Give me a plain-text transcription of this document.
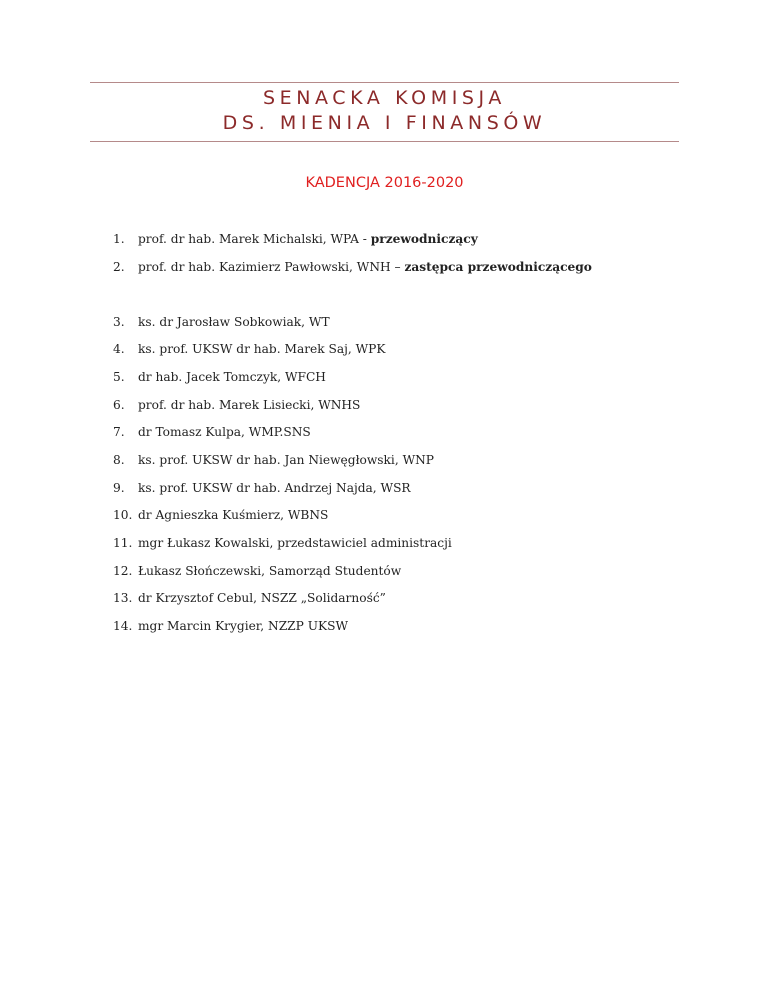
SENACKA KOMISJA
DS. MIENIA I FINANSÓW
KADENCJA 2016-2020
1. prof. dr hab. Marek Michalski, WPA - przewodniczący
2. prof. dr hab. Kazimierz Pawłowski, WNH – zastępca przewodniczącego
3. ks. dr Jarosław Sobkowiak, WT
4. ks. prof. UKSW dr hab. Marek Saj, WPK
5. dr hab. Jacek Tomczyk, WFCH
6. prof. dr hab. Marek Lisiecki, WNHS
7. dr Tomasz Kulpa, WMP.SNS
8. ks. prof. UKSW dr hab. Jan Niewęgłowski, WNP
9. ks. prof. UKSW dr hab. Andrzej Najda, WSR
10. dr Agnieszka Kuśmierz, WBNS
11. mgr Łukasz Kowalski, przedstawiciel administracji
12. Łukasz Słończewski, Samorząd Studentów
13. dr Krzysztof Cebul, NSZZ „Solidarność”
14. mgr Marcin Krygier, NZZP UKSW
